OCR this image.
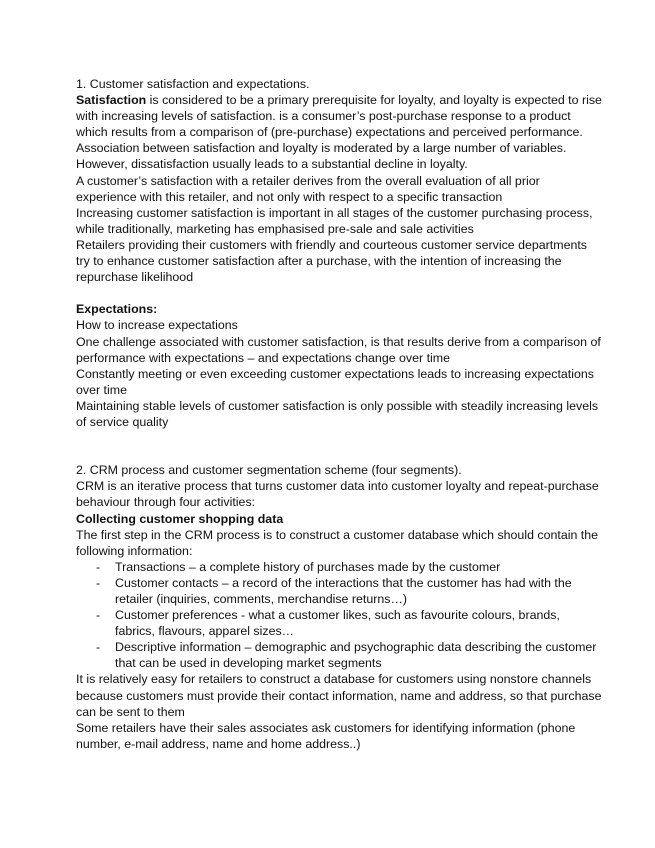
1. Customer satisfaction and expectations.
Satisfaction is considered to be a primary prerequisite for loyalty, and loyalty is expected to rise
with increasing levels of satisfaction. is a consumer’s post-purchase response to a product
which results from a comparison of (pre-purchase) expectations and perceived performance.
Association between satisfaction and loyalty is moderated by a large number of variables.
However, dissatisfaction usually leads to a substantial decline in loyalty.
A customer’s satisfaction with a retailer derives from the overall evaluation of all prior
experience with this retailer, and not only with respect to a specific transaction
Increasing customer satisfaction is important in all stages of the customer purchasing process,
while traditionally, marketing has emphasised pre-sale and sale activities
Retailers providing their customers with friendly and courteous customer service departments
try to enhance customer satisfaction after a purchase, with the intention of increasing the
repurchase likelihood
Expectations:
How to increase expectations
One challenge associated with customer satisfaction, is that results derive from a comparison of
performance with expectations – and expectations change over time
Constantly meeting or even exceeding customer expectations leads to increasing expectations
over time
Maintaining stable levels of customer satisfaction is only possible with steadily increasing levels
of service quality
2. CRM process and customer segmentation scheme (four segments).
CRM is an iterative process that turns customer data into customer loyalty and repeat-purchase
behaviour through four activities:
Collecting customer shopping data
The first step in the CRM process is to construct a customer database which should contain the
following information:
- Transactions – a complete history of purchases made by the customer
- Customer contacts – a record of the interactions that the customer has had with the
retailer (inquiries, comments, merchandise returns…)
- Customer preferences - what a customer likes, such as favourite colours, brands,
fabrics, flavours, apparel sizes…
- Descriptive information – demographic and psychographic data describing the customer
that can be used in developing market segments
It is relatively easy for retailers to construct a database for customers using nonstore channels
because customers must provide their contact information, name and address, so that purchase
can be sent to them
Some retailers have their sales associates ask customers for identifying information (phone
number, e-mail address, name and home address..)
